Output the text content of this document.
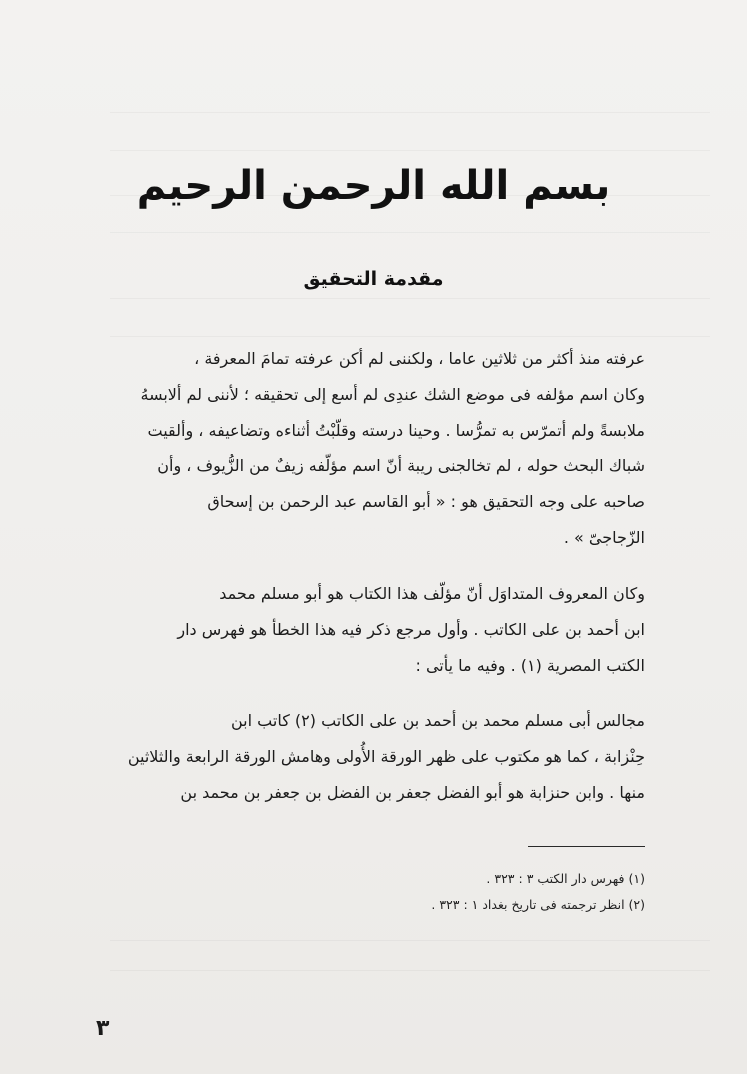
بسم الله الرحمن الرحيم
مقدمة التحقيق
عرفته منذ أكثر من ثلاثين عاما ، ولكننى لم أكن عرفته تمامَ المعرفة ،
وكان اسم مؤلفه فى موضع الشك عندِى لم أسع إلى تحقيقه ؛ لأننى لم ألابسهُ
ملابسةً ولم أتمرّس به تمرُّسا . وحينا درسته وقلّبْتُ أثناءه وتضاعيفه ، وألقيت
شباك البحث حوله ، لم تخالجنى ريبة أنّ اسم مؤلّفه زيفٌ من الزُّيوف ، وأن
صاحبه على وجه التحقيق هو : « أبو القاسم عبد الرحمن بن إسحاق
الزّجاجىّ » .
وكان المعروف المتداوَل أنّ مؤلّف هذا الكتاب هو أبو مسلم محمد
ابن أحمد بن على الكاتب . وأول مرجع ذكر فيه هذا الخطأ هو فهرس دار
الكتب المصرية (١) . وفيه ما يأتى :
مجالس أبى مسلم محمد بن أحمد بن على الكاتب (٢) كاتب ابن
حِنْزابة ، كما هو مكتوب على ظهر الورقة الأُولى وهامش الورقة الرابعة والثلاثين
منها . وابن حنزابة هو أبو الفضل جعفر بن الفضل بن جعفر بن محمد بن
(١) فهرس دار الكتب ٣ : ٣٢٣ .
(٢) انظر ترجمته فى تاريخ بغداد ١ : ٣٢٣ .
٣
